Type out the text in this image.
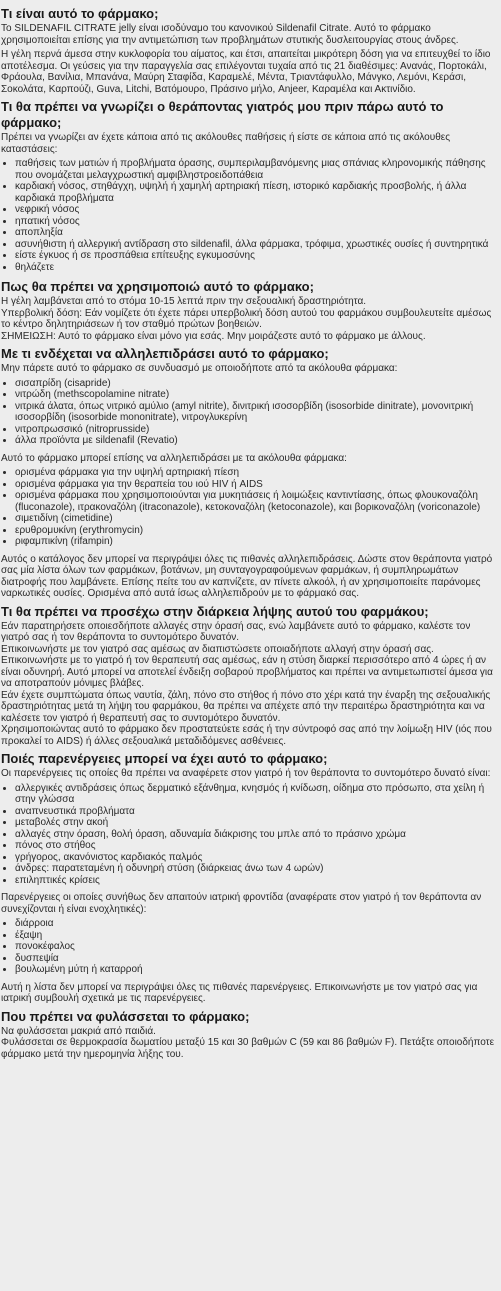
Τι είναι αυτό το φάρμακο;

Το SILDENAFIL CITRATE jelly είναι ισοδύναμο του κανονικού Sildenafil Citrate. Αυτό το φάρμακο χρησιμοποιείται επίσης για την αντιμετώπιση των προβλημάτων στυτικής δυσλειτουργίας στους άνδρες.

Η γέλη περνά άμεσα στην κυκλοφορία του αίματος, και έτσι, απαιτείται μικρότερη δόση για να επιτευχθεί το ίδιο αποτέλεσμα. Οι γεύσεις για την παραγγελία σας επιλέγονται τυχαία από τις 21 διαθέσιμες: Ανανάς, Πορτοκάλι, Φράουλα, Βανίλια, Μπανάνα, Μαύρη Σταφίδα, Καραμελέ, Μέντα, Τριαντάφυλλο, Μάνγκο, Λεμόνι, Κεράσι, Σοκολάτα, Καρπούζι, Guva, Litchi, Βατόμουρο, Πράσινο μήλο, Anjeer, Καραμέλα και Ακτινίδιο.

Τι θα πρέπει να γνωρίζει ο θεράποντας γιατρός μου πριν πάρω αυτό το φάρμακο;

Πρέπει να γνωρίζει αν έχετε κάποια από τις ακόλουθες παθήσεις ή είστε σε κάποια από τις ακόλουθες καταστάσεις:

• παθήσεις των ματιών ή προβλήματα όρασης, συμπεριλαμβανόμενης μιας σπάνιας κληρονομικής πάθησης που ονομάζεται μελαγχρωστική αμφιβληστροειδοπάθεια
• καρδιακή νόσος, στηθάγχη, υψηλή ή χαμηλή αρτηριακή πίεση, ιστορικό καρδιακής προσβολής, ή άλλα καρδιακά προβλήματα
• νεφρική νόσος
• ηπατική νόσος
• αποπληξία
• ασυνήθιστη ή αλλεργική αντίδραση στο sildenafil, άλλα φάρμακα, τρόφιμα, χρωστικές ουσίες ή συντηρητικά
• είστε έγκυος ή σε προσπάθεια επίτευξης εγκυμοσύνης
• θηλάζετε
Πως θα πρέπει να χρησιμοποιώ αυτό το φάρμακο;

Η γέλη λαμβάνεται από το στόμα 10-15 λεπτά πριν την σεξουαλική δραστηριότητα.

Υπερβολική δόση: Εάν νομίζετε ότι έχετε πάρει υπερβολική δόση αυτού του φαρμάκου συμβουλευτείτε αμέσως το κέντρο δηλητηριάσεων ή τον σταθμό πρώτων βοηθειών.

ΣΗΜΕΙΩΣΗ: Αυτό το φάρμακο είναι μόνο για εσάς. Μην μοιράζεστε αυτό το φάρμακο με άλλους.

Με τι ενδέχεται να αλληλεπιδράσει αυτό το φάρμακο;

Μην πάρετε αυτό το φάρμακο σε συνδυασμό με οποιοδήποτε από τα ακόλουθα φάρμακα:

• σισαπρίδη (cisapride)
• νιτρώδη (methscopolamine nitrate)
• νιτρικά άλατα, όπως νιτρικό αμύλιο (amyl nitrite), δινιτρική ισοσορβίδη (isosorbide dinitrate), μονονιτρική ισοσορβίδη (isosorbide mononitrate), νιτρογλυκερίνη
• νιτροπρωσσικό (nitroprusside)
• άλλα προϊόντα με sildenafil (Revatio)

Αυτό το φάρμακο μπορεί επίσης να αλληλεπιδράσει με τα ακόλουθα φάρμακα:

• ορισμένα φάρμακα για την υψηλή αρτηριακή πίεση
• ορισμένα φάρμακα για την θεραπεία του ιού HIV ή AIDS
• ορισμένα φάρμακα που χρησιμοποιούνται για μυκητιάσεις ή λοιμώξεις καντιντίασης, όπως φλουκοναζόλη (fluconazole), ιτρακοναζόλη (itraconazole), κετοκοναζόλη (ketoconazole), και βορικοναζόλη (voriconazole)
• σιμετιδίνη (cimetidine)
• ερυθρομυκίνη (erythromycin)
• ριφαμπικίνη (rifampin)

Αυτός ο κατάλογος δεν μπορεί να περιγράψει όλες τις πιθανές αλληλεπιδράσεις. Δώστε στον θεράποντα γιατρό σας μία λίστα όλων των φαρμάκων, βοτάνων, μη συνταγογραφούμενων φαρμάκων, ή συμπληρωμάτων διατροφής που λαμβάνετε. Επίσης πείτε του αν καπνίζετε, αν πίνετε αλκοόλ, ή αν χρησιμοποιείτε παράνομες ναρκωτικές ουσίες. Ορισμένα από αυτά ίσως αλληλεπιδρούν με το φάρμακό σας.

Τι θα πρέπει να προσέχω στην διάρκεια λήψης αυτού του φαρμάκου;

Εάν παρατηρήσετε οποιεσδήποτε αλλαγές στην όρασή σας, ενώ λαμβάνετε αυτό το φάρμακο, καλέστε τον γιατρό σας ή τον θεράποντα το συντομότερο δυνατόν.

Επικοινωνήστε με τον γιατρό σας αμέσως αν διαπιστώσετε οποιαδήποτε αλλαγή στην όρασή σας.

Επικοινωνήστε με το γιατρό ή τον θεραπευτή σας αμέσως, εάν η στύση διαρκεί περισσότερο από 4 ώρες ή αν είναι οδυνηρή. Αυτό μπορεί να αποτελεί ένδειξη σοβαρού προβλήματος και πρέπει να αντιμετωπιστεί άμεσα για να αποτραπούν μόνιμες βλάβες.

Εάν έχετε συμπτώματα όπως ναυτία, ζάλη, πόνο στο στήθος ή πόνο στο χέρι κατά την έναρξη της σεξουαλικής δραστηριότητας μετά τη λήψη του φαρμάκου, θα πρέπει να απέχετε από την περαιτέρω δραστηριότητα και να καλέσετε τον γιατρό ή θεραπευτή σας το συντομότερο δυνατόν.

Χρησιμοποιώντας αυτό το φάρμακο δεν προστατεύετε εσάς ή την σύντροφό σας από την λοίμωξη HIV (ιός που προκαλεί το AIDS) ή άλλες σεξουαλικά μεταδιδόμενες ασθένειες.

Ποιές παρενέργειες μπορεί να έχει αυτό το φάρμακο;

Οι παρενέργειες τις οποίες θα πρέπει να αναφέρετε στον γιατρό ή τον θεράποντα το συντομότερο δυνατό είναι:

• αλλεργικές αντιδράσεις όπως δερματικό εξάνθημα, κνησμός ή κνίδωση, οίδημα στο πρόσωπο, στα χείλη ή στην γλώσσα
• αναπνευστικά προβλήματα
• μεταβολές στην ακοή
• αλλαγές στην όραση, θολή όραση, αδυναμία διάκρισης του μπλε από το πράσινο χρώμα
• πόνος στο στήθος
• γρήγορος, ακανόνιστος καρδιακός παλμός
• άνδρες: παρατεταμένη ή οδυνηρή στύση (διάρκειας άνω των 4 ωρών)
• επιληπτικές κρίσεις

Παρενέργειες οι οποίες συνήθως δεν απαιτούν ιατρική φροντίδα (αναφέρατε στον γιατρό ή τον θεράποντα αν συνεχίζονται ή είναι ενοχλητικές):

• διάρροια
• έξαψη
• πονοκέφαλος
• δυσπεψία
• βουλωμένη μύτη ή καταρροή

Αυτή η λίστα δεν μπορεί να περιγράψει όλες τις πιθανές παρενέργειες. Επικοινωνήστε με τον γιατρό σας για ιατρική συμβουλή σχετικά με τις παρενέργειες.

Που πρέπει να φυλάσσεται το φάρμακο;

Να φυλάσσεται μακριά από παιδιά.

Φυλάσσεται σε θερμοκρασία δωματίου μεταξύ 15 και 30 βαθμών C (59 και 86 βαθμών F). Πετάξτε οποιοδήποτε φάρμακο μετά την ημερομηνία λήξης του.
